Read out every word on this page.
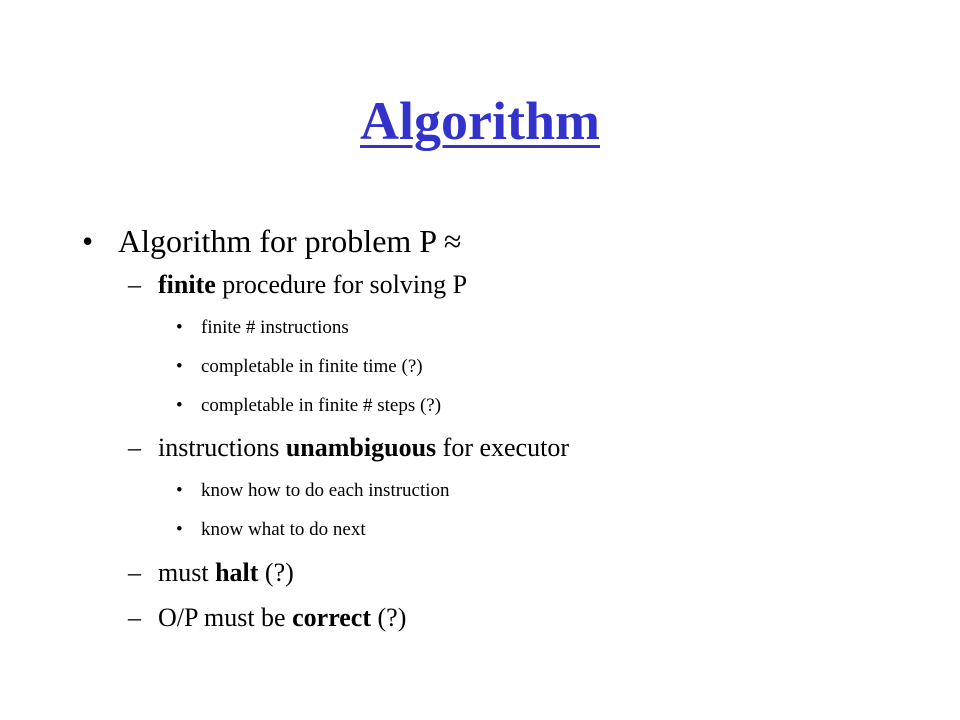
Algorithm
• Algorithm for problem P ≈
– finite procedure for solving P
• finite # instructions
• completable in finite time (?)
• completable in finite # steps (?)
– instructions unambiguous for executor
• know how to do each instruction
• know what to do next
– must halt (?)
– O/P must be correct (?)
